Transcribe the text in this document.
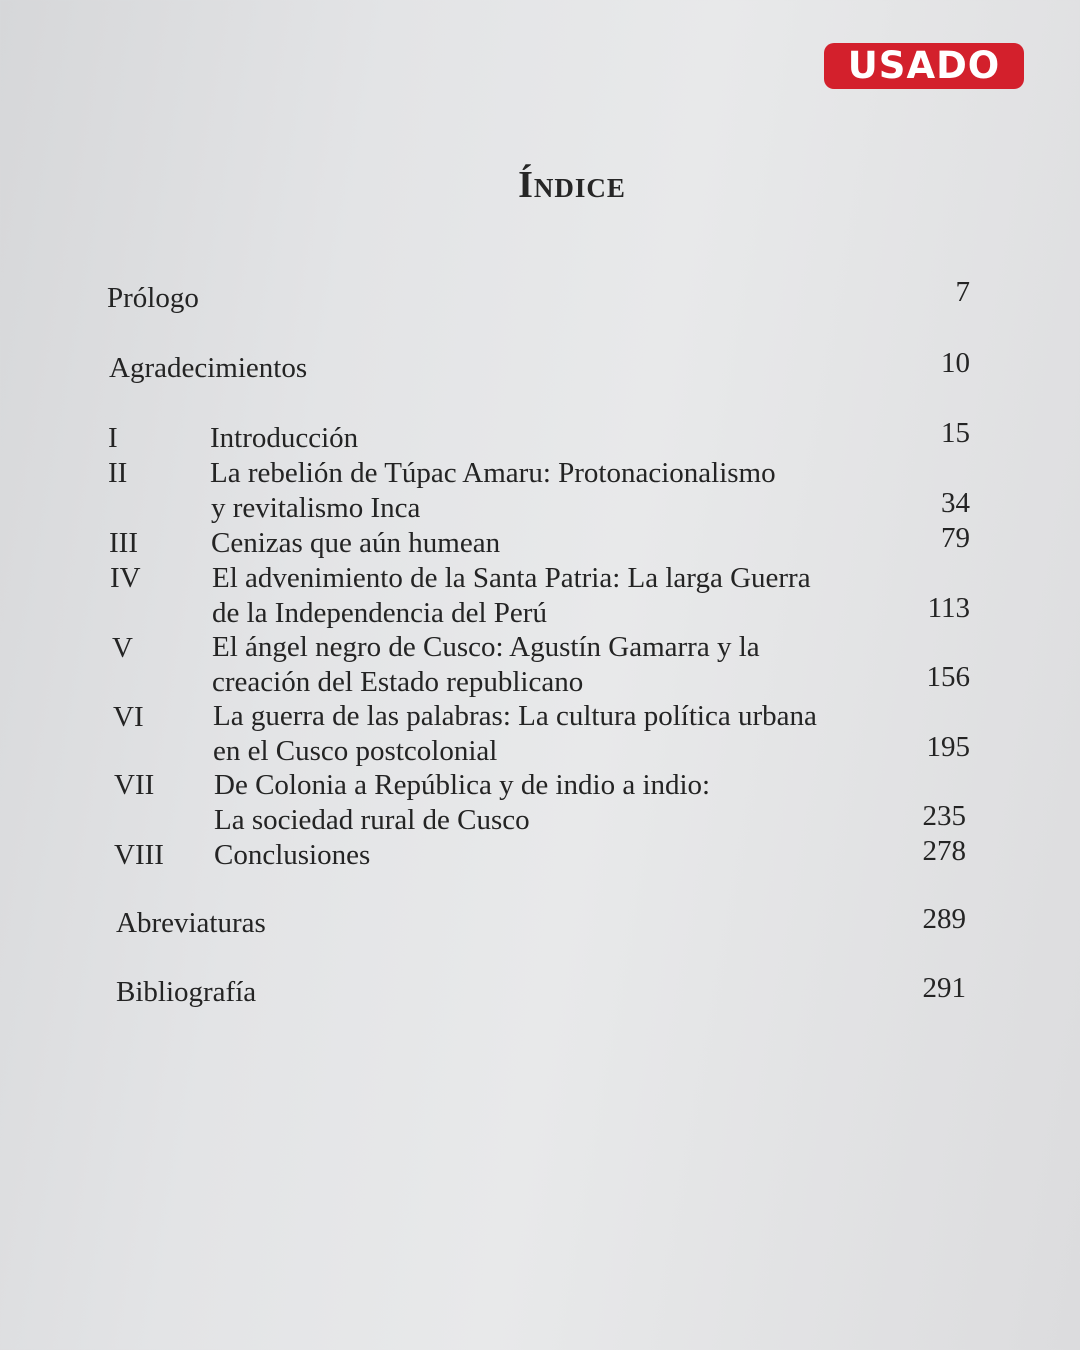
USADO
Índice
Prólogo	7
Agradecimientos	10
I	Introducción	15
II	La rebelión de Túpac Amaru: Protonacionalismo
y revitalismo Inca	34
III	Cenizas que aún humean	79
IV	El advenimiento de la Santa Patria: La larga Guerra
de la Independencia del Perú	113
V	El ángel negro de Cusco: Agustín Gamarra y la
creación del Estado republicano	156
VI	La guerra de las palabras: La cultura política urbana
en el Cusco postcolonial	195
VII	De Colonia a República y de indio a indio:
La sociedad rural de Cusco	235
VIII	Conclusiones	278
Abreviaturas	289
Bibliografía	291
